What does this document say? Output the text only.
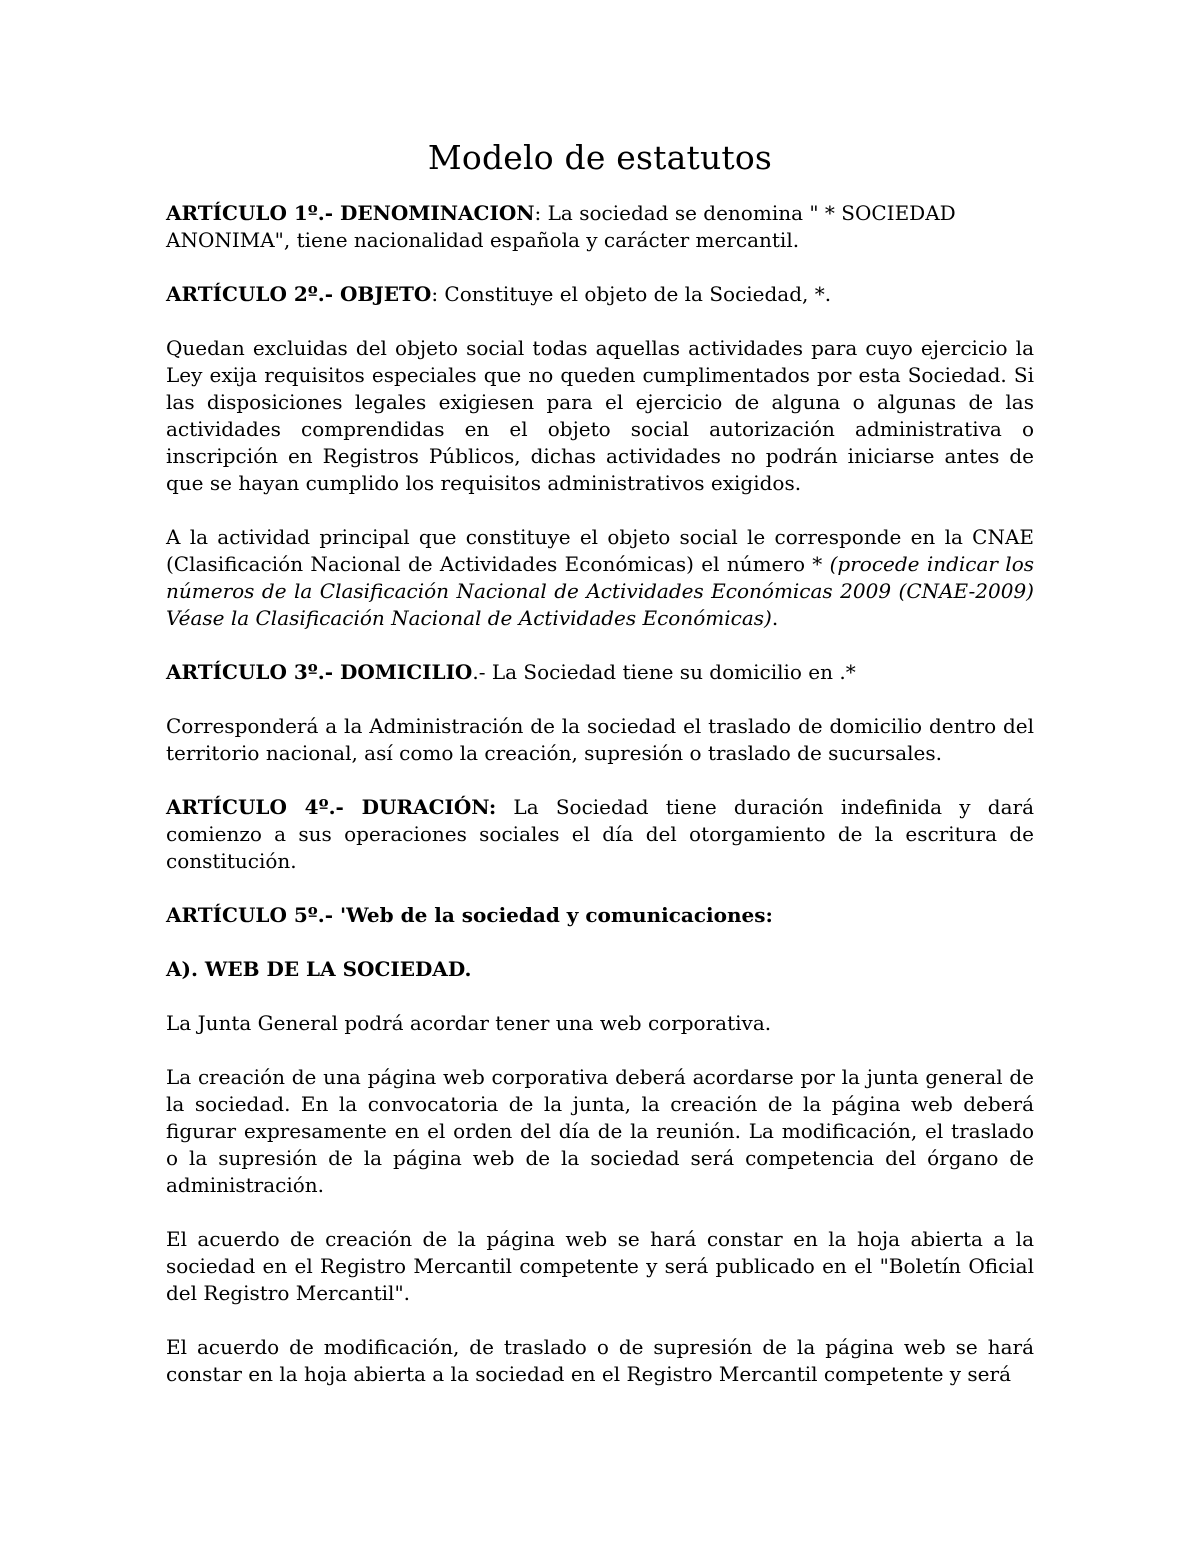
Modelo de estatutos

ARTÍCULO 1º.- DENOMINACION: La sociedad se denomina " * SOCIEDAD ANONIMA", tiene nacionalidad española y carácter mercantil.

ARTÍCULO 2º.- OBJETO: Constituye el objeto de la Sociedad, *.

Quedan excluidas del objeto social todas aquellas actividades para cuyo ejercicio la Ley exija requisitos especiales que no queden cumplimentados por esta Sociedad. Si las disposiciones legales exigiesen para el ejercicio de alguna o algunas de las actividades comprendidas en el objeto social autorización administrativa o inscripción en Registros Públicos, dichas actividades no podrán iniciarse antes de que se hayan cumplido los requisitos administrativos exigidos.

A la actividad principal que constituye el objeto social le corresponde en la CNAE (Clasificación Nacional de Actividades Económicas) el número * (procede indicar los números de la Clasificación Nacional de Actividades Económicas 2009 (CNAE-2009) Véase la Clasificación Nacional de Actividades Económicas).

ARTÍCULO 3º.- DOMICILIO.- La Sociedad tiene su domicilio en .*

Corresponderá a la Administración de la sociedad el traslado de domicilio dentro del territorio nacional, así como la creación, supresión o traslado de sucursales.

ARTÍCULO 4º.- DURACIÓN: La Sociedad tiene duración indefinida y dará comienzo a sus operaciones sociales el día del otorgamiento de la escritura de constitución.

ARTÍCULO 5º.- 'Web de la sociedad y comunicaciones:

A). WEB DE LA SOCIEDAD.

La Junta General podrá acordar tener una web corporativa.

La creación de una página web corporativa deberá acordarse por la junta general de la sociedad. En la convocatoria de la junta, la creación de la página web deberá figurar expresamente en el orden del día de la reunión. La modificación, el traslado o la supresión de la página web de la sociedad será competencia del órgano de administración.

El acuerdo de creación de la página web se hará constar en la hoja abierta a la sociedad en el Registro Mercantil competente y será publicado en el "Boletín Oficial del Registro Mercantil".

El acuerdo de modificación, de traslado o de supresión de la página web se hará constar en la hoja abierta a la sociedad en el Registro Mercantil competente y será
